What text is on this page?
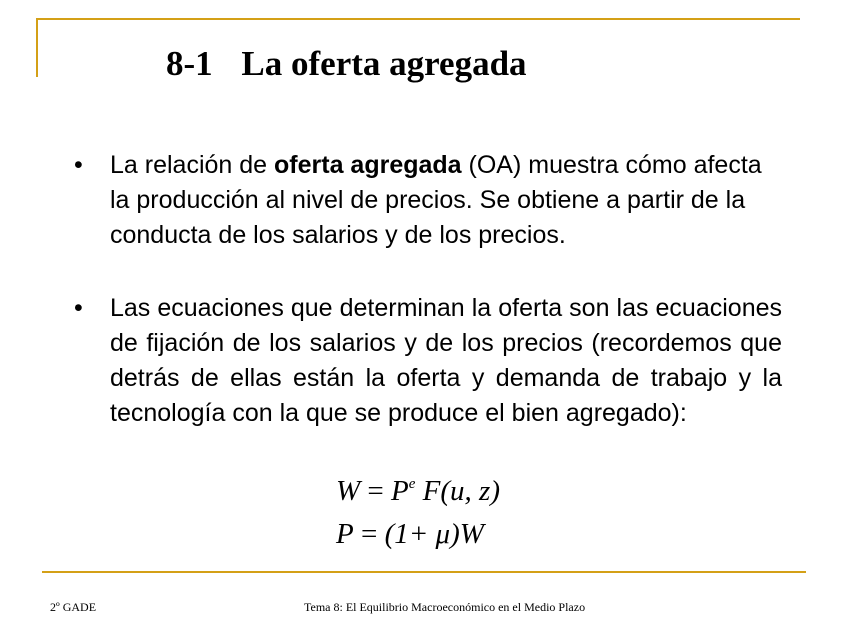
8-1 La oferta agregada
•	La relación de oferta agregada (OA) muestra cómo afecta la producción al nivel de precios. Se obtiene a partir de la conducta de los salarios y de los precios.
•	Las ecuaciones que determinan la oferta son las ecuaciones de fijación de los salarios y de los precios (recordemos que detrás de ellas están la oferta y demanda de trabajo y la tecnología con la que se produce el bien agregado):
$W = P^e$ F(u, z)
P = (1+ μ)W
2º GADE	Tema 8: El Equilibrio Macroeconómico en el Medio Plazo
